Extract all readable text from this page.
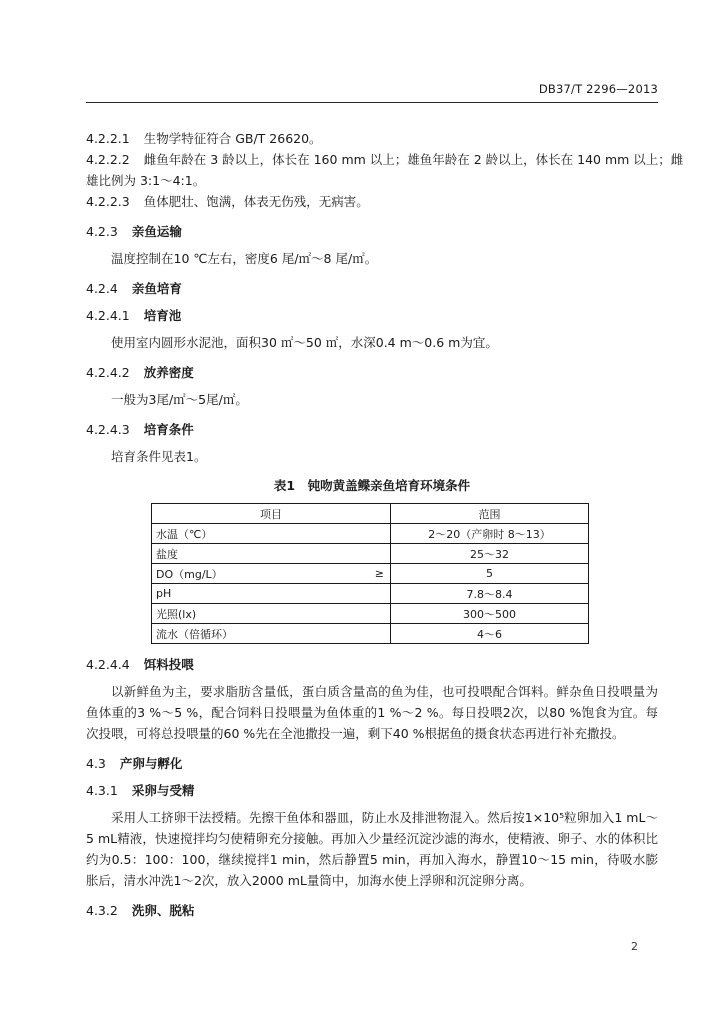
DB37/T 2296—2013
4.2.2.1 生物学特征符合 GB/T 26620。
4.2.2.2 雌鱼年龄在 3 龄以上，体长在 160 mm 以上；雄鱼年龄在 2 龄以上，体长在 140 mm 以上；雌
雄比例为 3:1～4:1。
4.2.2.3 鱼体肥壮、饱满，体表无伤残，无病害。
4.2.3 亲鱼运输
温度控制在10 ℃左右，密度6 尾/㎡～8 尾/㎡。
4.2.4 亲鱼培育
4.2.4.1 培育池
使用室内圆形水泥池，面积30 ㎡～50 ㎡，水深0.4 m～0.6 m为宜。
4.2.4.2 放养密度
一般为3尾/㎡～5尾/㎡。
4.2.4.3 培育条件
培育条件见表1。
表1　钝吻黄盖鲽亲鱼培育环境条件
项目		范围
水温（℃）		2～20（产卵时 8～13）
盐度		25～32
DO（mg/L）	≥	5
pH		7.8～8.4
光照(lx)		300～500
流水（倍循环）		4～6
4.2.4.4 饵料投喂
以新鲜鱼为主，要求脂肪含量低，蛋白质含量高的鱼为佳，也可投喂配合饵料。鲜杂鱼日投喂量为鱼体重的3 %～5 %，配合饲料日投喂量为鱼体重的1 %～2 %。每日投喂2次，以80 %饱食为宜。每次投喂，可将总投喂量的60 %先在全池撒投一遍，剩下40 %根据鱼的摄食状态再进行补充撒投。
4.3 产卵与孵化
4.3.1 采卵与受精
采用人工挤卵干法授精。先擦干鱼体和器皿，防止水及排泄物混入。然后按1×10⁵粒卵加入1 mL～5 mL精液，快速搅拌均匀使精卵充分接触。再加入少量经沉淀沙滤的海水，使精液、卵子、水的体积比约为0.5：100：100，继续搅拌1 min，然后静置5 min，再加入海水，静置10～15 min，待吸水膨胀后，清水冲洗1～2次，放入2000 mL量筒中，加海水使上浮卵和沉淀卵分离。
4.3.2 洗卵、脱粘
2
